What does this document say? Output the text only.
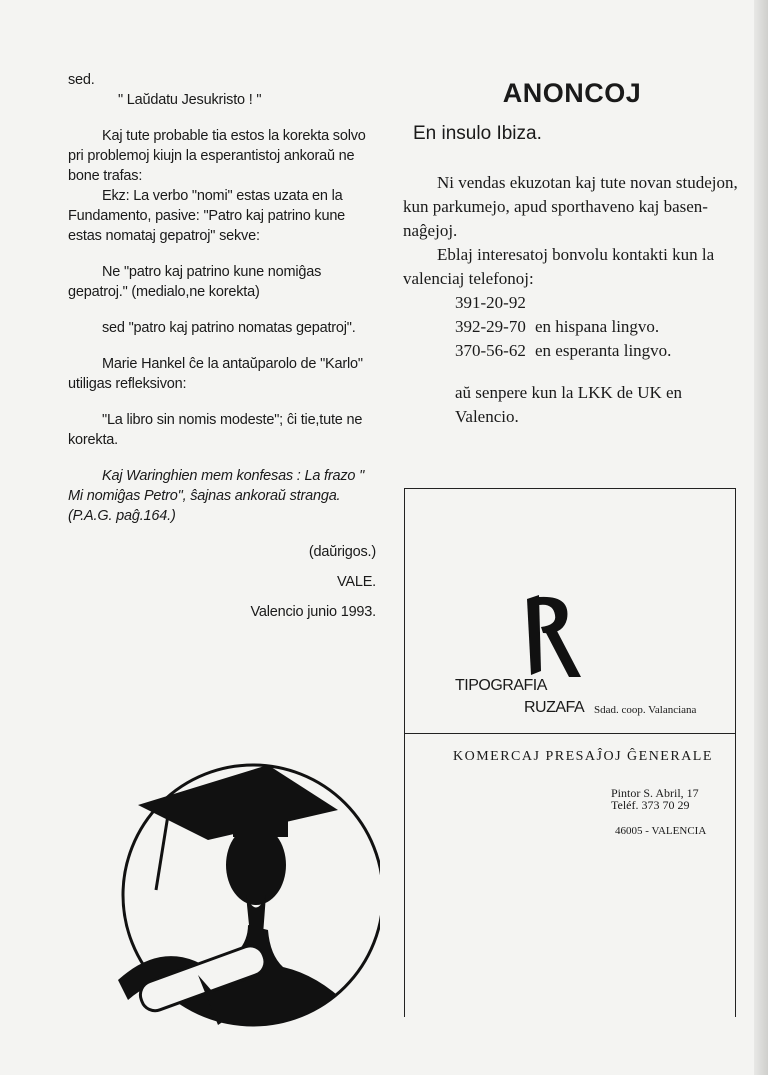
sed.

" Laŭdatu Jesukristo ! "

Kaj tute probable tia estos la korekta solvo pri problemoj kiujn la esperantistoj ankoraŭ ne bone trafas:

Ekz: La verbo "nomi" estas uzata en la Fundamento, pasive: "Patro kaj patrino kune estas nomataj gepatroj" sekve:

Ne "patro kaj patrino kune nomiĝas gepatroj." (medialo,ne korekta)

sed "patro kaj patrino nomatas gepatroj".

Marie Hankel ĉe la antaŭparolo de "Karlo" utiligas refleksivon:

"La libro sin nomis modeste"; ĉi tie,tute ne korekta.

Kaj Waringhien mem konfesas : La frazo " Mi nomiĝas Petro", ŝajnas ankoraŭ stranga.(P.A.G. paĝ.164.)

(daŭrigos.)

VALE.

Valencio junio 1993.

ANONCOJ
En insulo Ibiza.

Ni vendas ekuzotan kaj tute novan studejon, kun parkumejo, apud sporthaveno kaj basen-naĝejoj.

Eblaj interesatoj bonvolu kontakti kun la valenciaj telefonoj:

391-20-92

392-29-70 en hispana lingvo.

370-56-62 en esperanta lingvo.

aŭ senpere kun la LKK de UK en Valencio.

TIPOGRAFIA
RUZAFA Sdad. coop. Valanciana
KOMERCAJ PRESAĴOJ ĜENERALE
Pintor S. Abril, 17
Teléf. 373 70 29
46005 - VALENCIA
